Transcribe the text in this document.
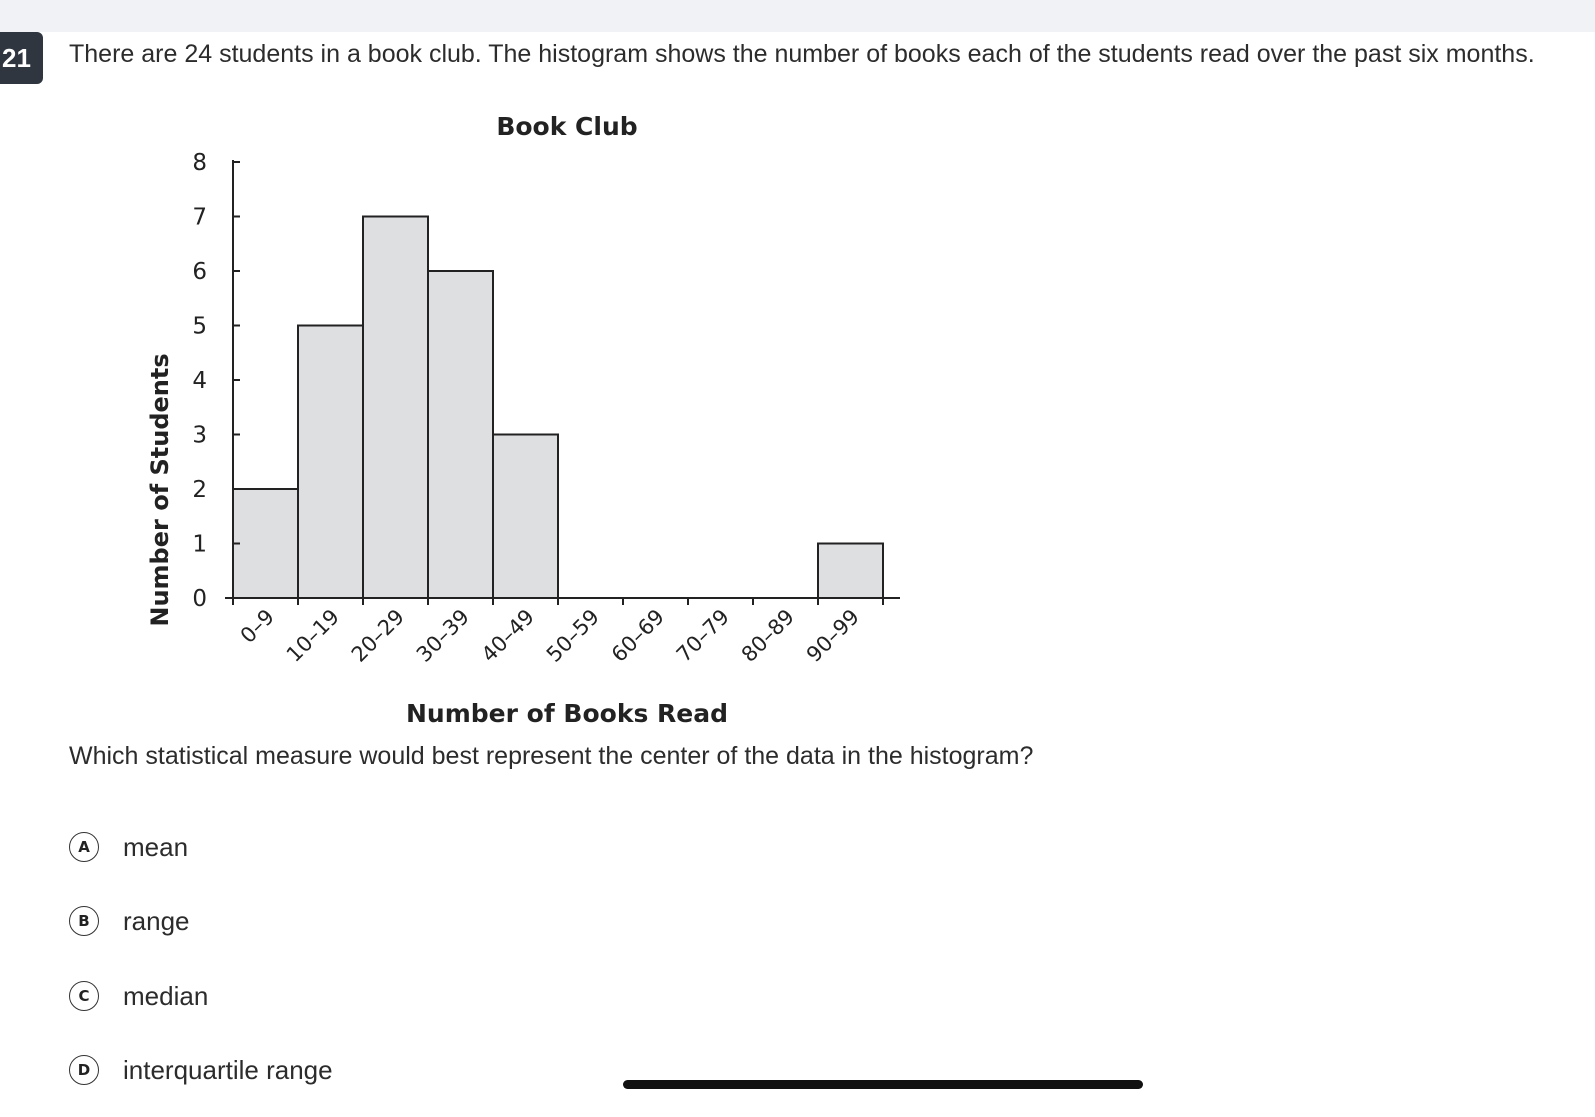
21	There are 24 students in a book club. The histogram shows the number of books each of the students read over the past six months.
0
1
2
3
4
5
6
7
8
0–9 10–19 20–29 30–39 40–49 50–59 60–69 70–79 80–89 90–99
Book Club
Number of Students
Number of Books Read
Which statistical measure would best represent the center of the data in the histogram?
A	mean
B	range
C	median
D	interquartile range
